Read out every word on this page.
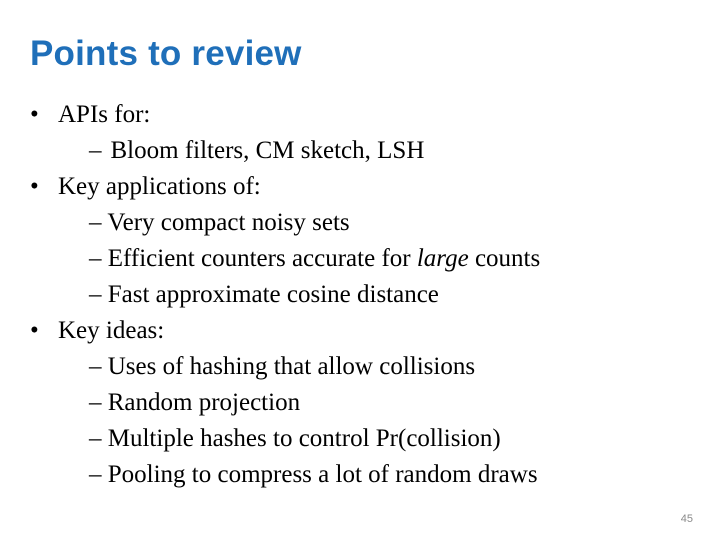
Points to review
• APIs for:
– Bloom filters, CM sketch, LSH
• Key applications of:
– Very compact noisy sets
– Efficient counters accurate for large counts
– Fast approximate cosine distance
• Key ideas:
– Uses of hashing that allow collisions
– Random projection
– Multiple hashes to control Pr(collision)
– Pooling to compress a lot of random draws
45
